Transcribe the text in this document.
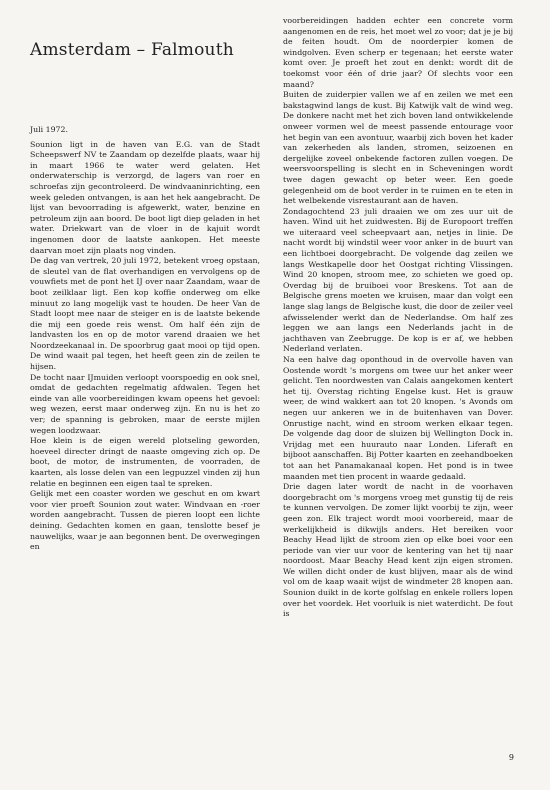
Amsterdam – Falmouth

Juli 1972.

Sounion ligt in de haven van E.G. van de Stadt Scheepswerf NV te Zaandam op dezelfde plaats, waar hij in maart 1966 te water werd gelaten. Het onderwaterschip is verzorgd, de lagers van roer en schroefas zijn gecontroleerd. De windvaaninrichting, een week geleden ontvangen, is aan het hek aangebracht. De lijst van bevoorrading is afgewerkt, water, benzine en petroleum zijn aan boord. De boot ligt diep geladen in het water. Driekwart van de vloer in de kajuit wordt ingenomen door de laatste aankopen. Het meeste daarvan moet zijn plaats nog vinden.

De dag van vertrek, 20 juli 1972, betekent vroeg opstaan, de sleutel van de flat overhandigen en vervolgens op de vouwfiets met de pont het IJ over naar Zaandam, waar de boot zeilklaar ligt. Een kop koffie onderweg om elke minuut zo lang mogelijk vast te houden. De heer Van de Stadt loopt mee naar de steiger en is de laatste bekende die mij een goede reis wenst. Om half één zijn de landvasten los en op de motor varend draaien we het Noordzeekanaal in. De spoorbrug gaat mooi op tijd open. De wind waait pal tegen, het heeft geen zin de zeilen te hijsen.

De tocht naar IJmuiden verloopt voorspoedig en ook snel, omdat de gedachten regelmatig afdwalen. Tegen het einde van alle voorbereidingen kwam opeens het gevoel: weg wezen, eerst maar onderweg zijn. En nu is het zo ver; de spanning is gebroken, maar de eerste mijlen wegen loodzwaar.

Hoe klein is de eigen wereld plotseling geworden, hoeveel directer dringt de naaste omgeving zich op. De boot, de motor, de instrumenten, de voorraden, de kaarten, als losse delen van een legpuzzel vinden zij hun relatie en beginnen een eigen taal te spreken.

Gelijk met een coaster worden we geschut en om kwart voor vier proeft Sounion zout water. Windvaan en -roer worden aangebracht. Tussen de pieren loopt een lichte deining. Gedachten komen en gaan, tenslotte besef je nauwelijks, waar je aan begonnen bent. De overwegingen en

voorbereidingen hadden echter een concrete vorm aangenomen en de reis, het moet wel zo voor; dat je je bij de feiten houdt. Om de noorderpier komen de windgolven. Even scherp er tegenaan; het eerste water komt over. Je proeft het zout en denkt: wordt dit de toekomst voor één of drie jaar? Of slechts voor een maand?

Buiten de zuiderpier vallen we af en zeilen we met een bakstagwind langs de kust. Bij Katwijk valt de wind weg. De donkere nacht met het zich boven land ontwikkelende onweer vormen wel de meest passende entourage voor het begin van een avontuur, waarbij zich boven het kader van zekerheden als landen, stromen, seizoenen en dergelijke zoveel onbekende factoren zullen voegen. De weersvoorspelling is slecht en in Scheveningen wordt twee dagen gewacht op beter weer. Een goede gelegenheid om de boot verder in te ruimen en te eten in het welbekende visrestaurant aan de haven.

Zondagochtend 23 juli draaien we om zes uur uit de haven. Wind uit het zuidwesten. Bij de Europoort treffen we uiteraard veel scheepvaart aan, netjes in linie. De nacht wordt bij windstil weer voor anker in de buurt van een lichtboei doorgebracht. De volgende dag zeilen we langs Westkapelle door het Oostgat richting Vlissingen. Wind 20 knopen, stroom mee, zo schieten we goed op. Overdag bij de bruiboei voor Breskens. Tot aan de Belgische grens moeten we kruisen, maar dan volgt een lange slag langs de Belgische kust, die door de zeiler veel afwisselender werkt dan de Nederlandse. Om half zes leggen we aan langs een Nederlands jacht in de jachthaven van Zeebrugge. De kop is er af, we hebben Nederland verlaten.

Na een halve dag oponthoud in de overvolle haven van Oostende wordt 's morgens om twee uur het anker weer gelicht. Ten noordwesten van Calais aangekomen kentert het tij. Overstag richting Engelse kust. Het is grauw weer, de wind wakkert aan tot 20 knopen. 's Avonds om negen uur ankeren we in de buitenhaven van Dover. Onrustige nacht, wind en stroom werken elkaar tegen. De volgende dag door de sluizen bij Wellington Dock in. Vrijdag met een huurauto naar Londen. Liferaft en bijboot aanschaffen. Bij Potter kaarten en zeehandboeken tot aan het Panamakanaal kopen. Het pond is in twee maanden met tien procent in waarde gedaald.

Drie dagen later wordt de nacht in de voorhaven doorgebracht om 's morgens vroeg met gunstig tij de reis te kunnen vervolgen. De zomer lijkt voorbij te zijn, weer geen zon. Elk traject wordt mooi voorbereid, maar de werkelijkheid is dikwijls anders. Het bereiken voor Beachy Head lijkt de stroom zien op elke boei voor een periode van vier uur voor de kentering van het tij naar noordoost. Maar Beachy Head kent zijn eigen stromen. We willen dicht onder de kust blijven, maar als de wind vol om de kaap waait wijst de windmeter 28 knopen aan. Sounion duikt in de korte golfslag en enkele rollers lopen over het voordek. Het voorluik is niet waterdicht. De fout is

9
